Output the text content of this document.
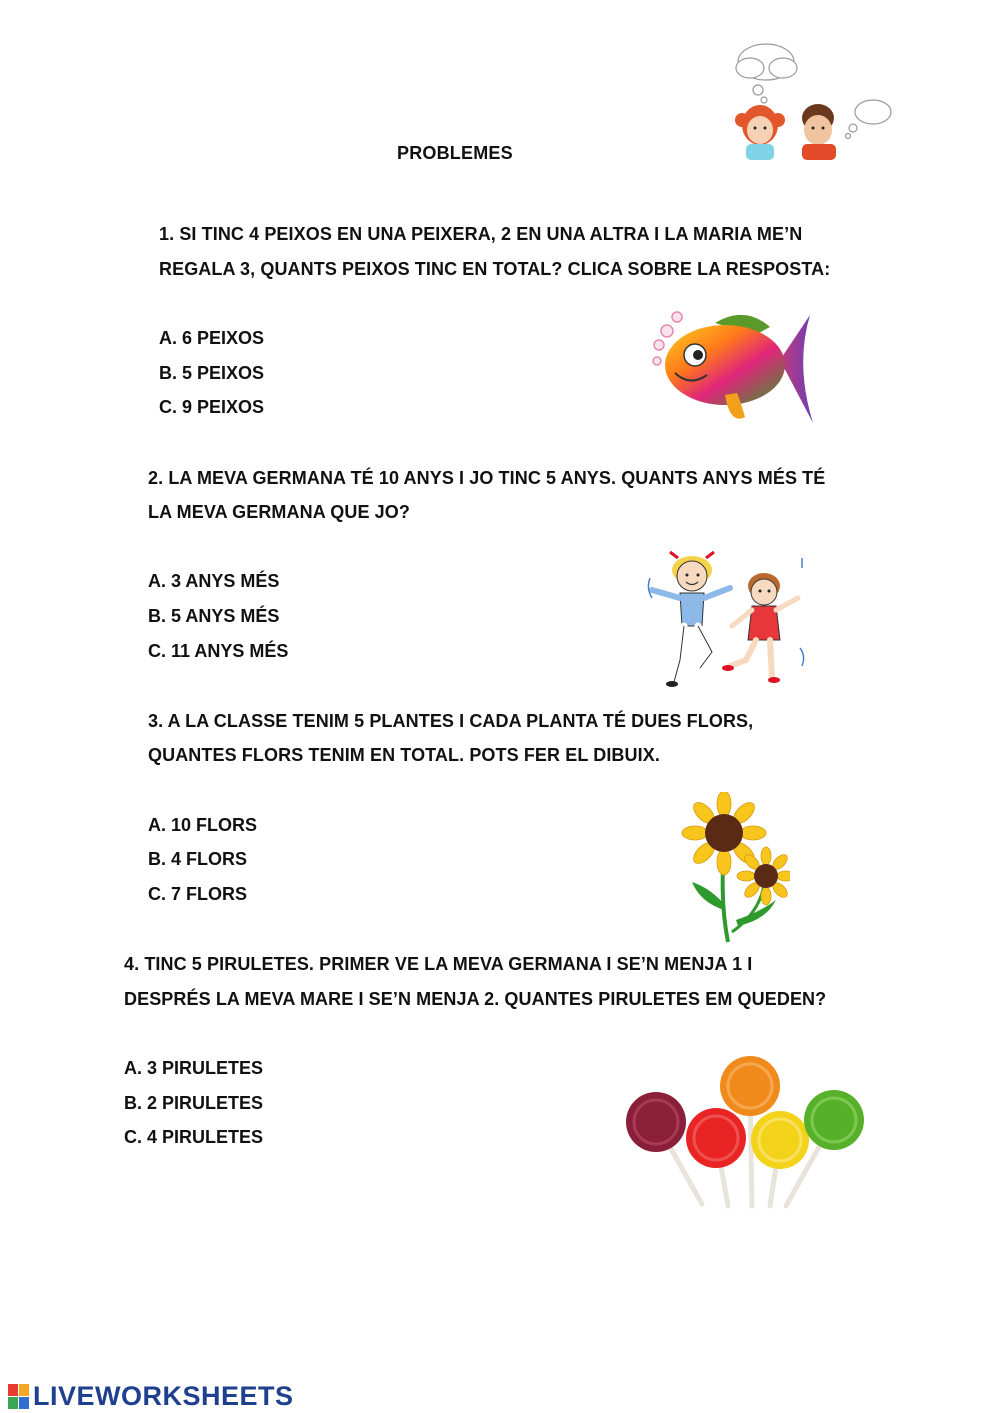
PROBLEMES
1. SI TINC 4 PEIXOS EN UNA PEIXERA, 2 EN UNA ALTRA I LA MARIA ME’N
REGALA 3, QUANTS PEIXOS TINC EN TOTAL? CLICA SOBRE LA RESPOSTA:
A. 6 PEIXOS
B. 5 PEIXOS
C. 9 PEIXOS
2. LA MEVA GERMANA TÉ 10 ANYS I JO TINC 5 ANYS. QUANTS ANYS MÉS TÉ
LA MEVA GERMANA QUE JO?
A. 3 ANYS MÉS
B. 5 ANYS MÉS
C. 11 ANYS MÉS
3. A LA CLASSE TENIM 5 PLANTES I CADA PLANTA TÉ DUES FLORS,
QUANTES FLORS TENIM EN TOTAL. POTS FER EL DIBUIX.
A. 10 FLORS
B. 4 FLORS
C. 7 FLORS
4. TINC 5 PIRULETES. PRIMER VE LA MEVA GERMANA I SE’N MENJA 1 I
DESPRÉS LA MEVA MARE I SE’N MENJA 2. QUANTES PIRULETES EM QUEDEN?
A. 3 PIRULETES
B. 2 PIRULETES
C. 4 PIRULETES
LIVEWORKSHEETS
